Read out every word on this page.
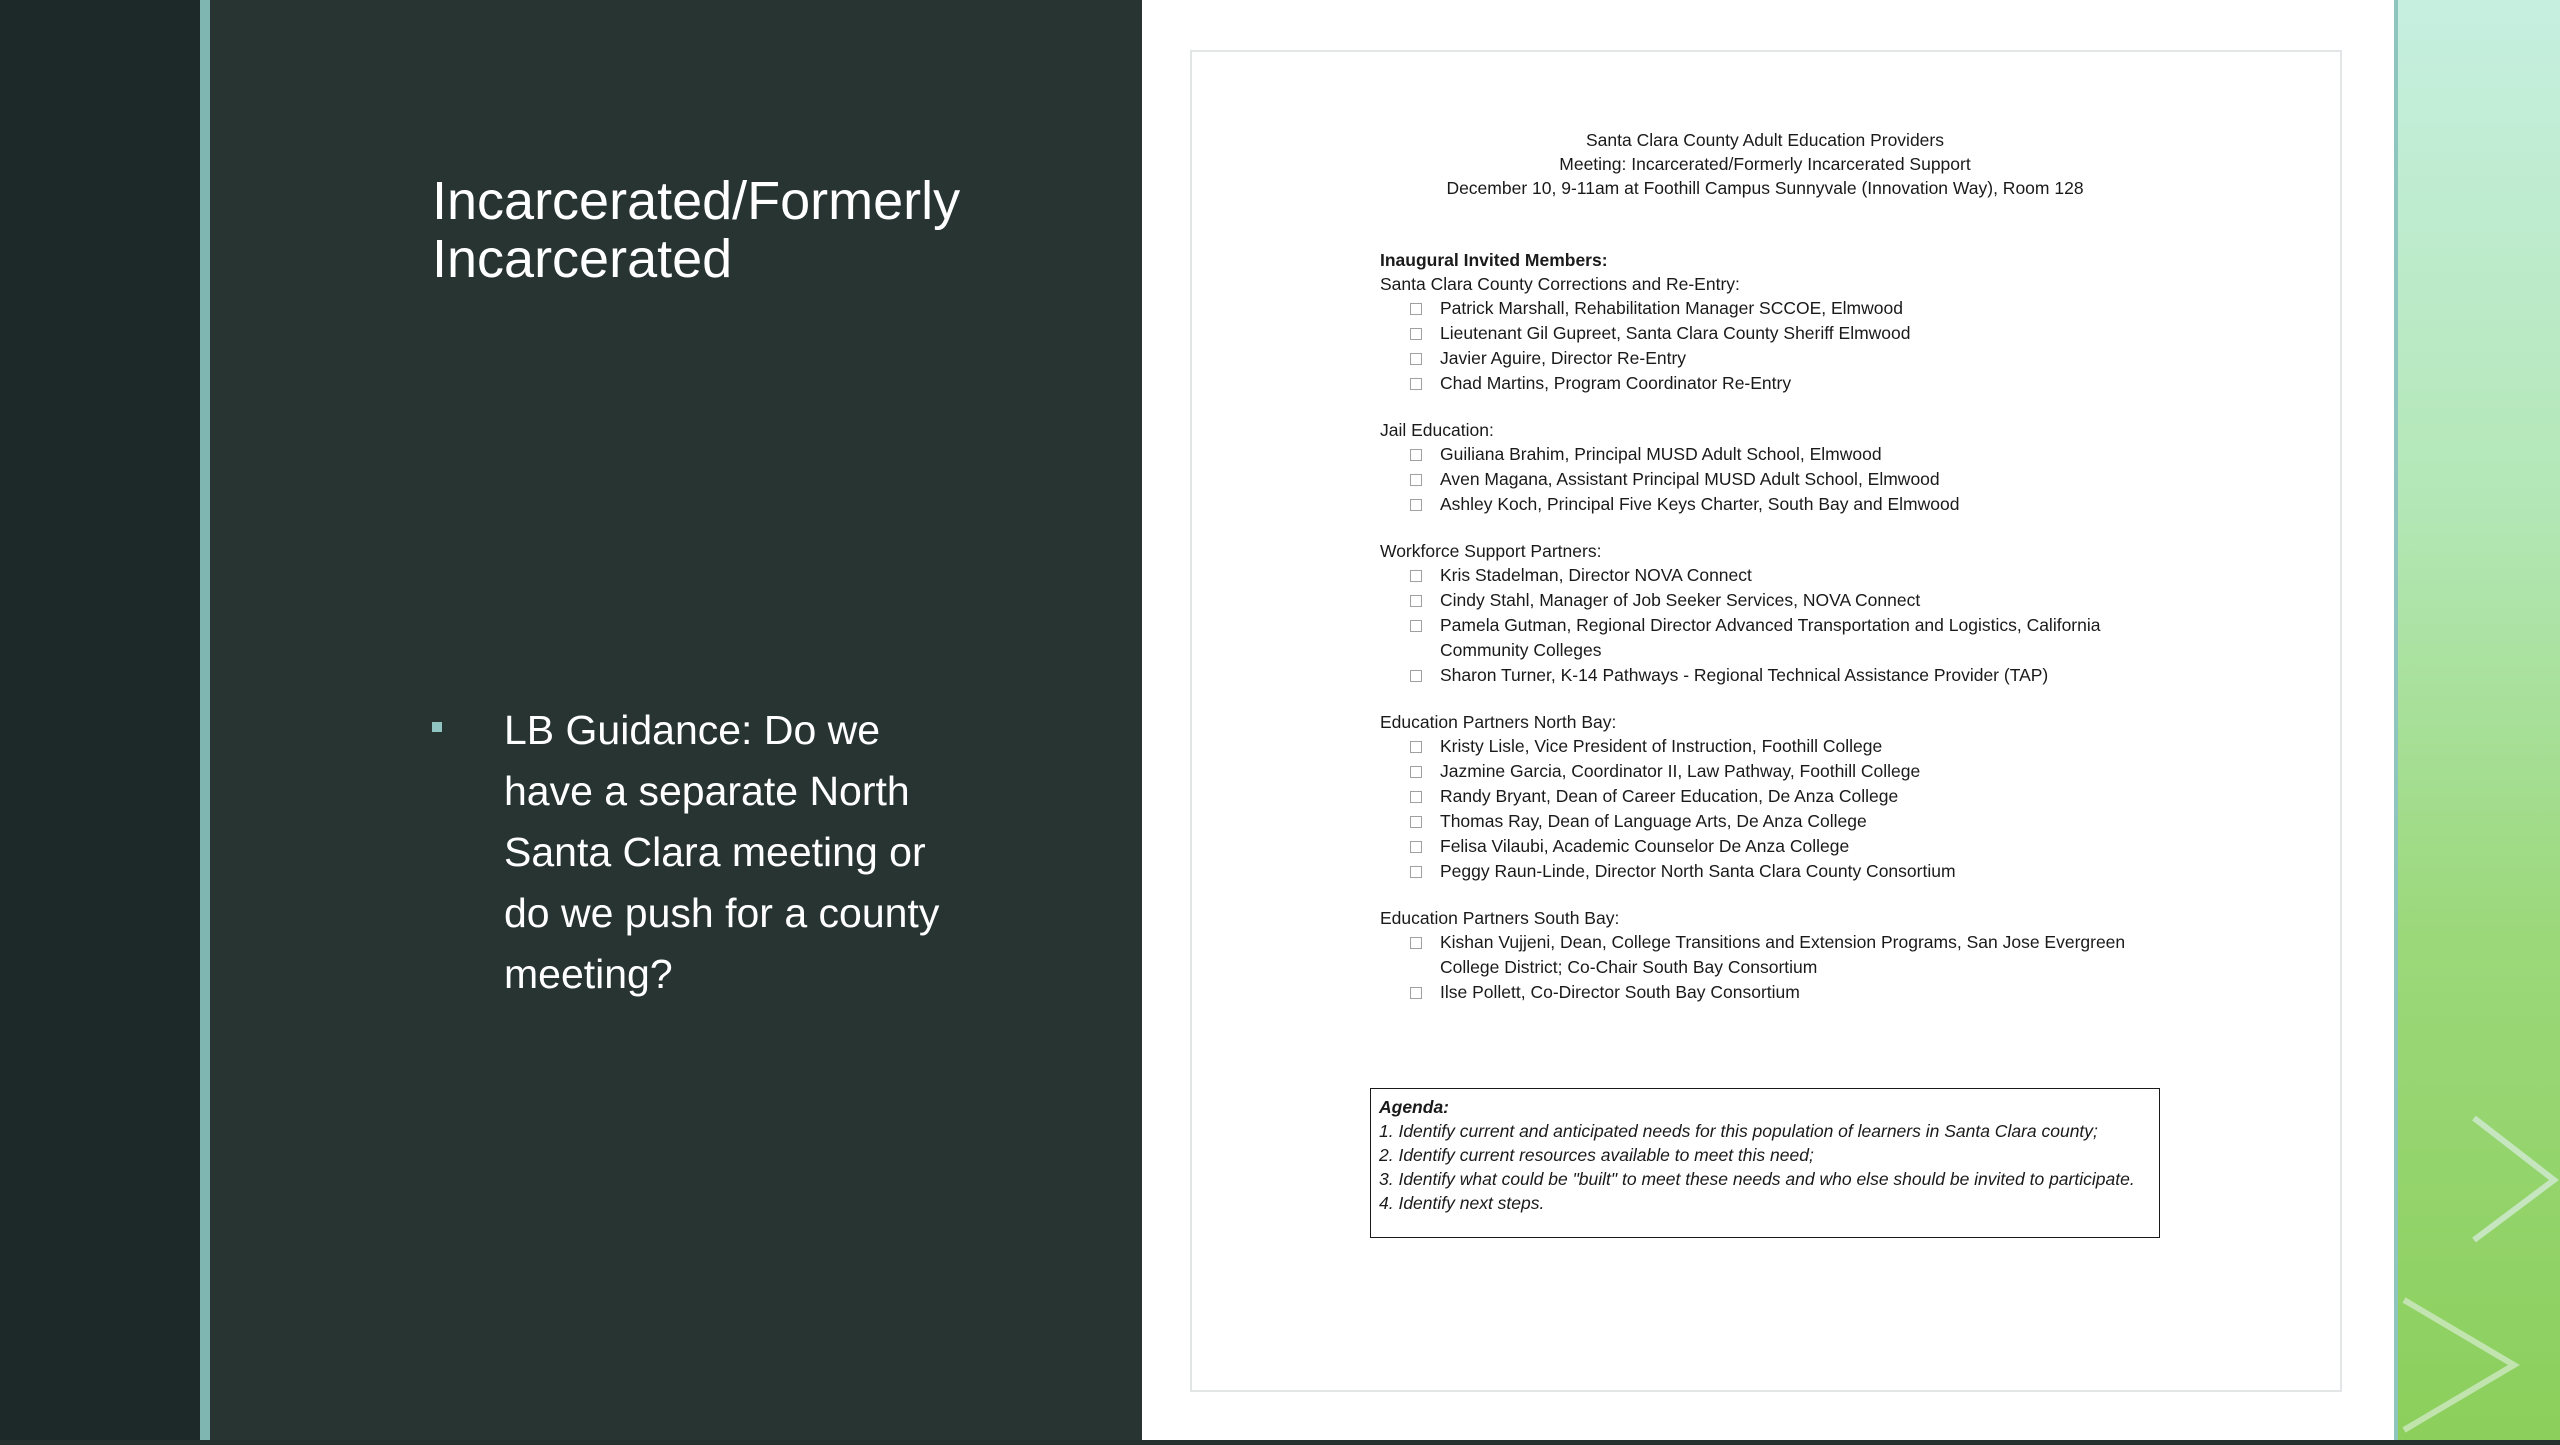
Incarcerated/Formerly Incarcerated
LB Guidance: Do we have a separate North Santa Clara meeting or do we push for a county meeting?
Santa Clara County Adult Education Providers
Meeting: Incarcerated/Formerly Incarcerated Support
December 10, 9-11am at Foothill Campus Sunnyvale (Innovation Way), Room 128
Inaugural Invited Members:
Santa Clara County Corrections and Re-Entry:
Patrick Marshall, Rehabilitation Manager SCCOE, Elmwood
Lieutenant Gil Gupreet, Santa Clara County Sheriff Elmwood
Javier Aguire, Director Re-Entry
Chad Martins, Program Coordinator Re-Entry
Jail Education:
Guiliana Brahim, Principal MUSD Adult School, Elmwood
Aven Magana, Assistant Principal MUSD Adult School, Elmwood
Ashley Koch, Principal Five Keys Charter, South Bay and Elmwood
Workforce Support Partners:
Kris Stadelman, Director NOVA Connect
Cindy Stahl, Manager of Job Seeker Services, NOVA Connect
Pamela Gutman, Regional Director Advanced Transportation and Logistics, California Community Colleges
Sharon Turner, K-14 Pathways - Regional Technical Assistance Provider (TAP)
Education Partners North Bay:
Kristy Lisle, Vice President of Instruction, Foothill College
Jazmine Garcia, Coordinator II, Law Pathway, Foothill College
Randy Bryant, Dean of Career Education, De Anza College
Thomas Ray, Dean of Language Arts, De Anza College
Felisa Vilaubi, Academic Counselor De Anza College
Peggy Raun-Linde, Director North Santa Clara County Consortium
Education Partners South Bay:
Kishan Vujjeni, Dean, College Transitions and Extension Programs, San Jose Evergreen College District; Co-Chair South Bay Consortium
Ilse Pollett, Co-Director South Bay Consortium
Agenda:
1. Identify current and anticipated needs for this population of learners in Santa Clara county;
2. Identify current resources available to meet this need;
3. Identify what could be "built" to meet these needs and who else should be invited to participate.
4. Identify next steps.
